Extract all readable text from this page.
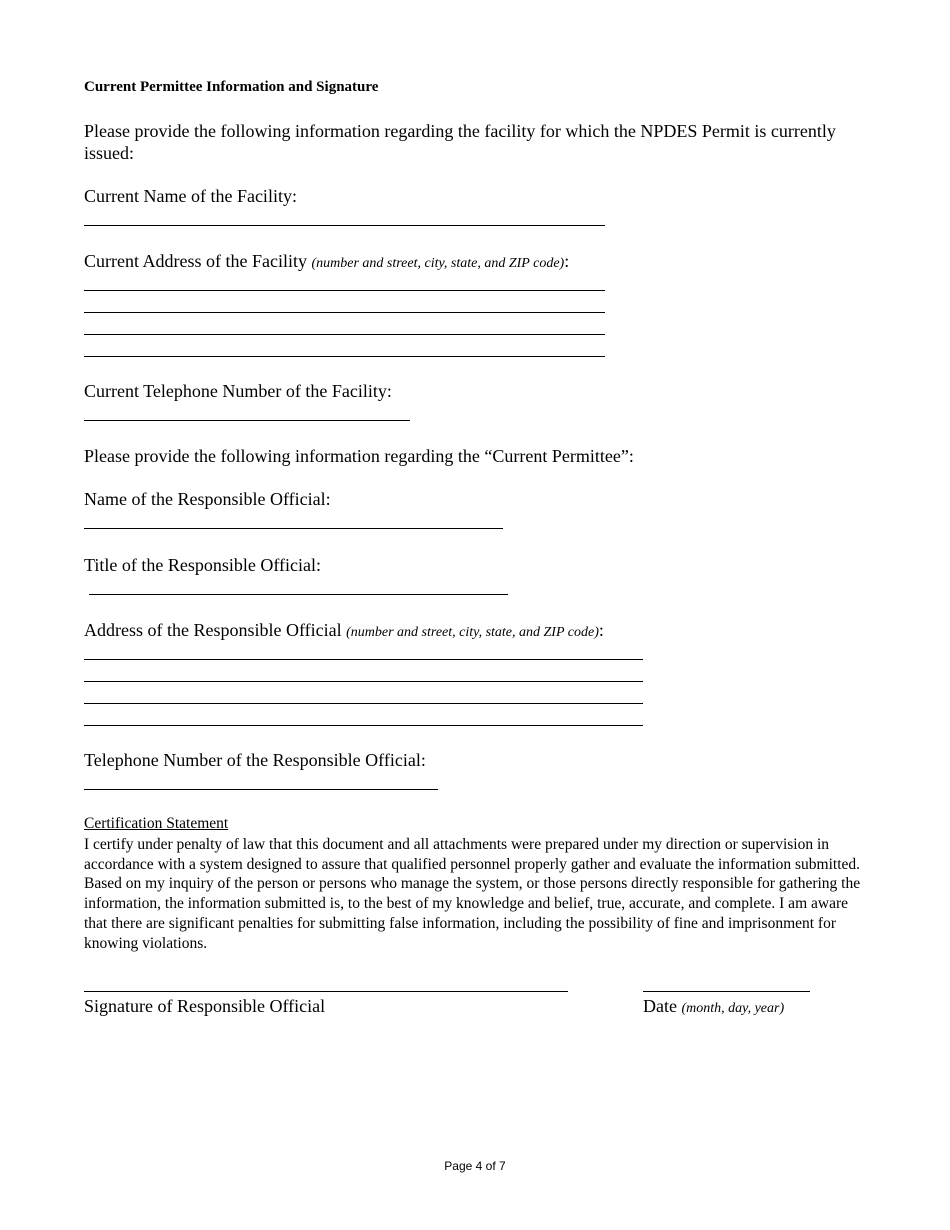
Current Permittee Information and Signature
Please provide the following information regarding the facility for which the NPDES Permit is currently issued:
Current Name of the Facility:
Current Address of the Facility (number and street, city, state, and ZIP code):
Current Telephone Number of the Facility:
Please provide the following information regarding the “Current Permittee”:
Name of the Responsible Official:
Title of the Responsible Official:
Address of the Responsible Official (number and street, city, state, and ZIP code):
Telephone Number of the Responsible Official:
Certification Statement
I certify under penalty of law that this document and all attachments were prepared under my direction or supervision in accordance with a system designed to assure that qualified personnel properly gather and evaluate the information submitted. Based on my inquiry of the person or persons who manage the system, or those persons directly responsible for gathering the information, the information submitted is, to the best of my knowledge and belief, true, accurate, and complete. I am aware that there are significant penalties for submitting false information, including the possibility of fine and imprisonment for knowing violations.
Signature of Responsible Official	Date (month, day, year)
Page 4 of 7
